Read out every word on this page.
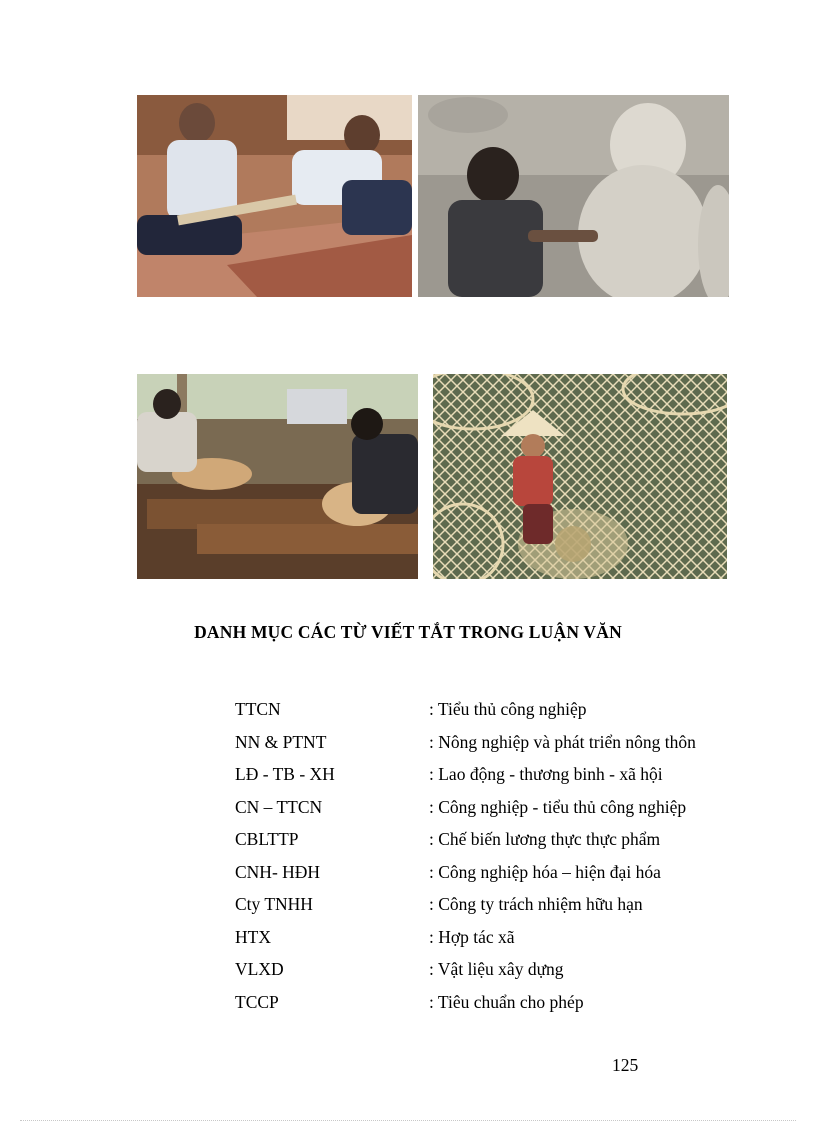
DANH MỤC CÁC TỪ VIẾT TẮT TRONG LUẬN VĂN
TTCN	: Tiểu thủ công nghiệp
NN & PTNT	: Nông nghiệp và phát triển nông thôn
LĐ - TB - XH	: Lao động - thương binh - xã hội
CN – TTCN	: Công nghiệp - tiểu thủ công nghiệp
CBLTTP	: Chế biến lương thực thực phẩm
CNH- HĐH	: Công nghiệp hóa – hiện đại hóa
Cty TNHH	: Công ty trách nhiệm hữu hạn
HTX	: Hợp tác xã
VLXD	: Vật liệu xây dựng
TCCP	: Tiêu chuẩn cho phép
125
